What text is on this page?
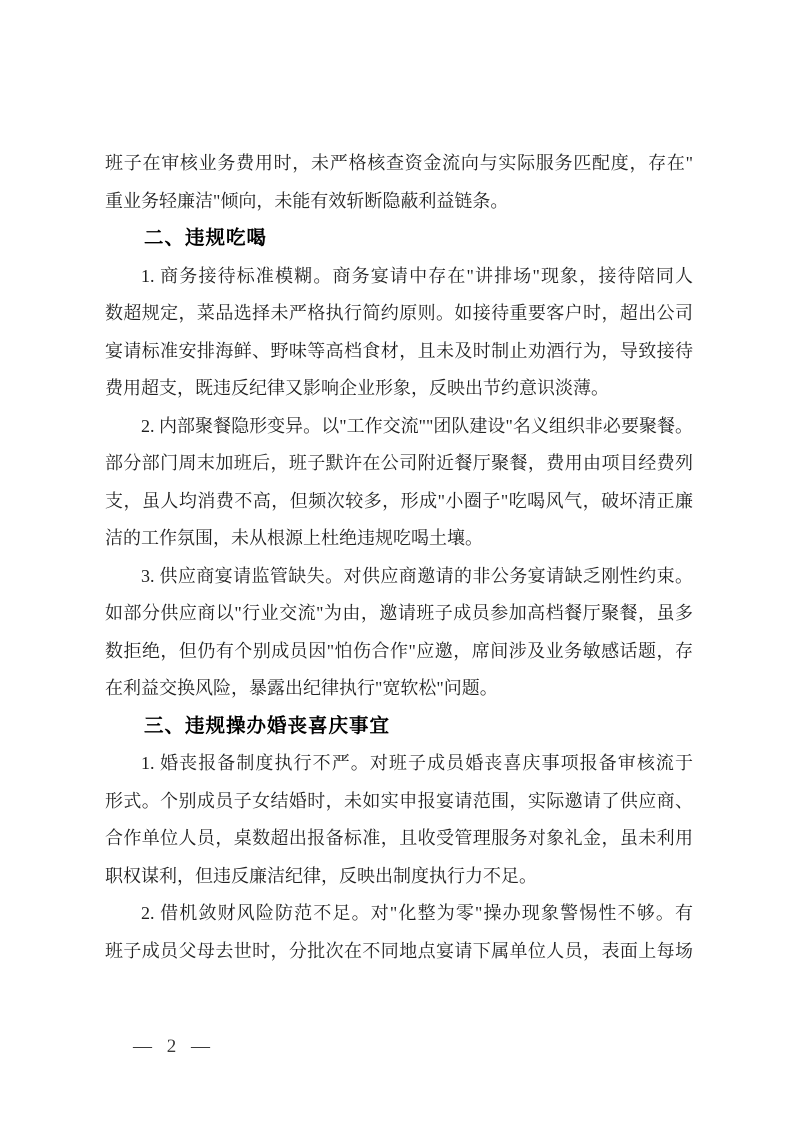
班子在审核业务费用时，未严格核查资金流向与实际服务匹配度，存在"
重业务轻廉洁"倾向，未能有效斩断隐蔽利益链条。
二、违规吃喝
1. 商务接待标准模糊。商务宴请中存在"讲排场"现象，接待陪同人
数超规定，菜品选择未严格执行简约原则。如接待重要客户时，超出公司
宴请标准安排海鲜、野味等高档食材，且未及时制止劝酒行为，导致接待
费用超支，既违反纪律又影响企业形象，反映出节约意识淡薄。
2. 内部聚餐隐形变异。以"工作交流""团队建设"名义组织非必要聚餐。
部分部门周末加班后，班子默许在公司附近餐厅聚餐，费用由项目经费列
支，虽人均消费不高，但频次较多，形成"小圈子"吃喝风气，破坏清正廉
洁的工作氛围，未从根源上杜绝违规吃喝土壤。
3. 供应商宴请监管缺失。对供应商邀请的非公务宴请缺乏刚性约束。
如部分供应商以"行业交流"为由，邀请班子成员参加高档餐厅聚餐，虽多
数拒绝，但仍有个别成员因"怕伤合作"应邀，席间涉及业务敏感话题，存
在利益交换风险，暴露出纪律执行"宽软松"问题。
三、违规操办婚丧喜庆事宜
1. 婚丧报备制度执行不严。对班子成员婚丧喜庆事项报备审核流于
形式。个别成员子女结婚时，未如实申报宴请范围，实际邀请了供应商、
合作单位人员，桌数超出报备标准，且收受管理服务对象礼金，虽未利用
职权谋利，但违反廉洁纪律，反映出制度执行力不足。
2. 借机敛财风险防范不足。对"化整为零"操办现象警惕性不够。有
班子成员父母去世时，分批次在不同地点宴请下属单位人员，表面上每场
— 2 —
